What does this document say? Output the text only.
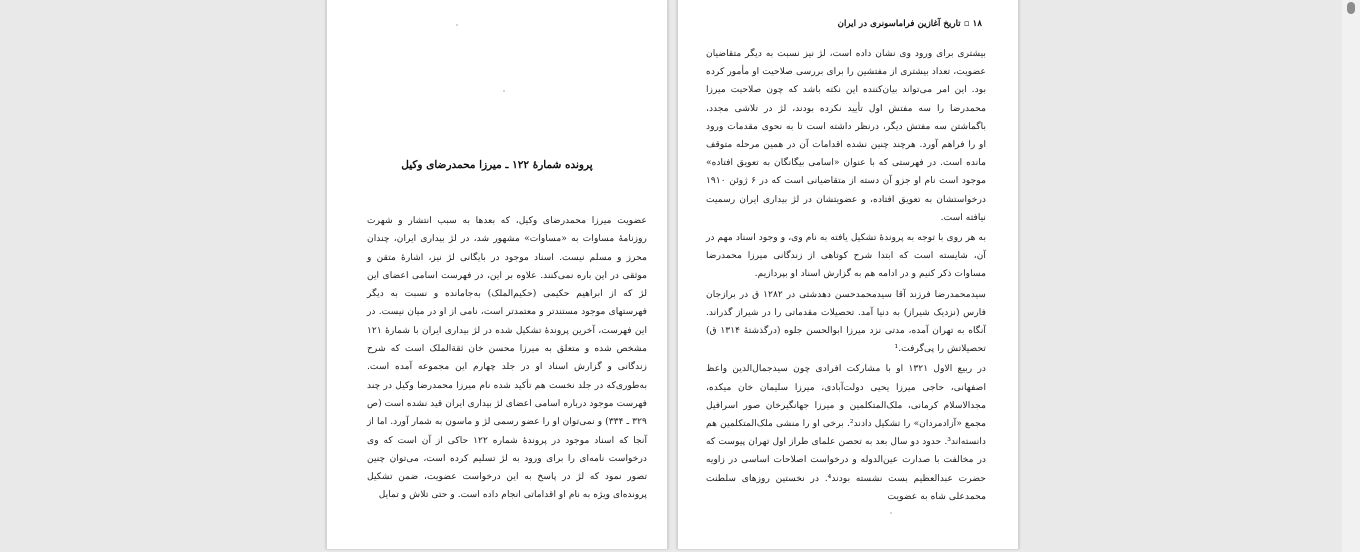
پرونده شمارهٔ ۱۲۲ ـ میرزا محمدرضای وکیل
عضویت میرزا محمدرضای وکیل، که بعدها به سبب انتشار و شهرت روزنامهٔ مساوات به «مساوات» مشهور شد، در لژ بیداری ایران، چندان محرز و مسلم نیست. اسناد موجود در بایگانی لژ نیز، اشارهٔ متقن و موثقی در این باره نمی‌کنند. علاوه بر این، در فهرست اسامی اعضای این لژ که از ابراهیم حکیمی (حکیم‌الملک) به‌جامانده و نسبت به دیگر فهرستهای موجود مستندتر و معتمدتر است، نامی از او در میان نیست. در این فهرست، آخرین پروندهٔ تشکیل شده در لژ بیداری ایران با شمارهٔ ۱۲۱ مشخص شده و متعلق به میرزا محسن خان ثقةالملک است که شرح زندگانی و گزارش اسناد او در جلد چهارم این مجموعه آمده است. به‌طوری‌که در جلد نخست هم تأکید شده نام میرزا محمدرضا وکیل در چند فهرست موجود درباره اسامی اعضای لژ بیداری ایران قید نشده است (ص ۳۲۹ ـ ۳۳۴) و نمی‌توان او را عضو رسمی لژ و ماسون به شمار آورد. اما از آنجا که اسناد موجود در پروندهٔ شماره ۱۲۲ حاکی از آن است که وی درخواست نامه‌ای را برای ورود به لژ تسلیم کرده است، می‌توان چنین تصور نمود که لژ در پاسخ به این درخواست عضویت، ضمن تشکیل پرونده‌ای ویژه به نام او اقداماتی انجام داده است. و حتی تلاش و تمایل
۱۸ ▫ تاریخ آغازین فراماسونری در ایران

بیشتری برای ورود وی نشان داده است، لژ نیز نسبت به دیگر متقاضیان عضویت، تعداد بیشتری از مفتشین را برای بررسی صلاحیت او مأمور کرده بود. این امر می‌تواند بیان‌کننده این نکته باشد که چون صلاحیت میرزا محمدرضا را سه مفتش اول تأیید نکرده بودند، لژ در تلاشی مجدد، باگماشتن سه مفتش دیگر، درنظر داشته است تا به نحوی مقدمات ورود او را فراهم آورد. هرچند چنین نشده اقدامات آن در همین مرحله متوقف مانده است. در فهرستی که با عنوان «اسامی بیگانگان به تعویق افتاده» موجود است نام او جزو آن دسته از متقاضیانی است که در ۶ ژوئن ۱۹۱۰ درخواستشان به تعویق افتاده، و عضویتشان در لژ بیداری ایران رسمیت نیافته است.

به هر روی با توجه به پروندهٔ تشکیل یافته به نام وی، و وجود اسناد مهم در آن، شایسته است که ابتدا شرح کوتاهی از زندگانی میرزا محمدرضا مساوات ذکر کنیم و در ادامه هم به گزارش اسناد او بپردازیم.

سیدمحمدرضا فرزند آقا سیدمحمدحسن دهدشتی در ۱۲۸۲ ق در برازجان فارس (نزدیک شیراز) به دنیا آمد. تحصیلات مقدماتی را در شیراز گذراند. آنگاه به تهران آمده، مدتی نزد میرزا ابوالحسن جلوه (درگذشتهٔ ۱۳۱۴ ق) تحصیلاتش را پی‌گرفت.¹

در ربیع الاول ۱۳۲۱ او با مشارکت افرادی چون سیدجمال‌الدین واعظ اصفهانی، حاجی میرزا یحیی دولت‌آبادی، میرزا سلیمان خان میکده، مجدالاسلام کرمانی، ملک‌المتکلمین و میرزا جهانگیرخان صور اسرافیل مجمع «آزادمردان» را تشکیل دادند². برخی او را منشی ملک‌المتکلمین هم دانسته‌اند³. حدود دو سال بعد به تحصن علمای طراز اول تهران پیوست که در مخالفت با صدارت عین‌الدوله و درخواست اصلاحات اساسی در زاویه حضرت عبدالعظیم بست نشسته بودند⁴. در نخستین روزهای سلطنت محمدعلی شاه به عضویت
